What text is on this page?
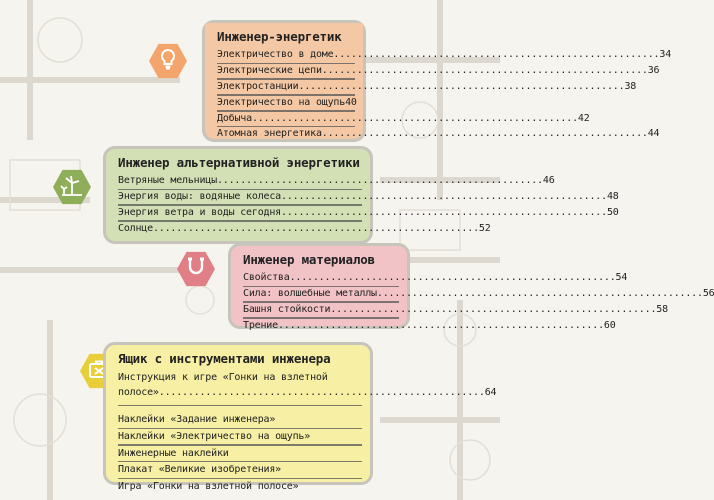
Инженер-энергетик
Электричество в доме .....	34
Электрические цепи .....	36
Электростанции .....	38
Электричество на ощупь 40
Добыча .....	42
Атомная энергетика .....	44
Инженер альтернативной энергетики
Ветряные мельницы .....	46
Энергия воды: водяные колеса .....	48
Энергия ветра и воды сегодня .....	50
Солнце .....	52
Инженер материалов
Свойства .....	54
Сила: волшебные металлы .....	56
Башня стойкости .....	58
Трение .....	60
Ящик с инструментами инженера
Инструкция к игре «Гонки на взлетной
полосе» .....	64
Наклейки «Задание инженера»
Наклейки «Электричество на ощупь»
Инженерные наклейки
Плакат «Великие изобретения»
Игра «Гонки на взлетной полосе»
